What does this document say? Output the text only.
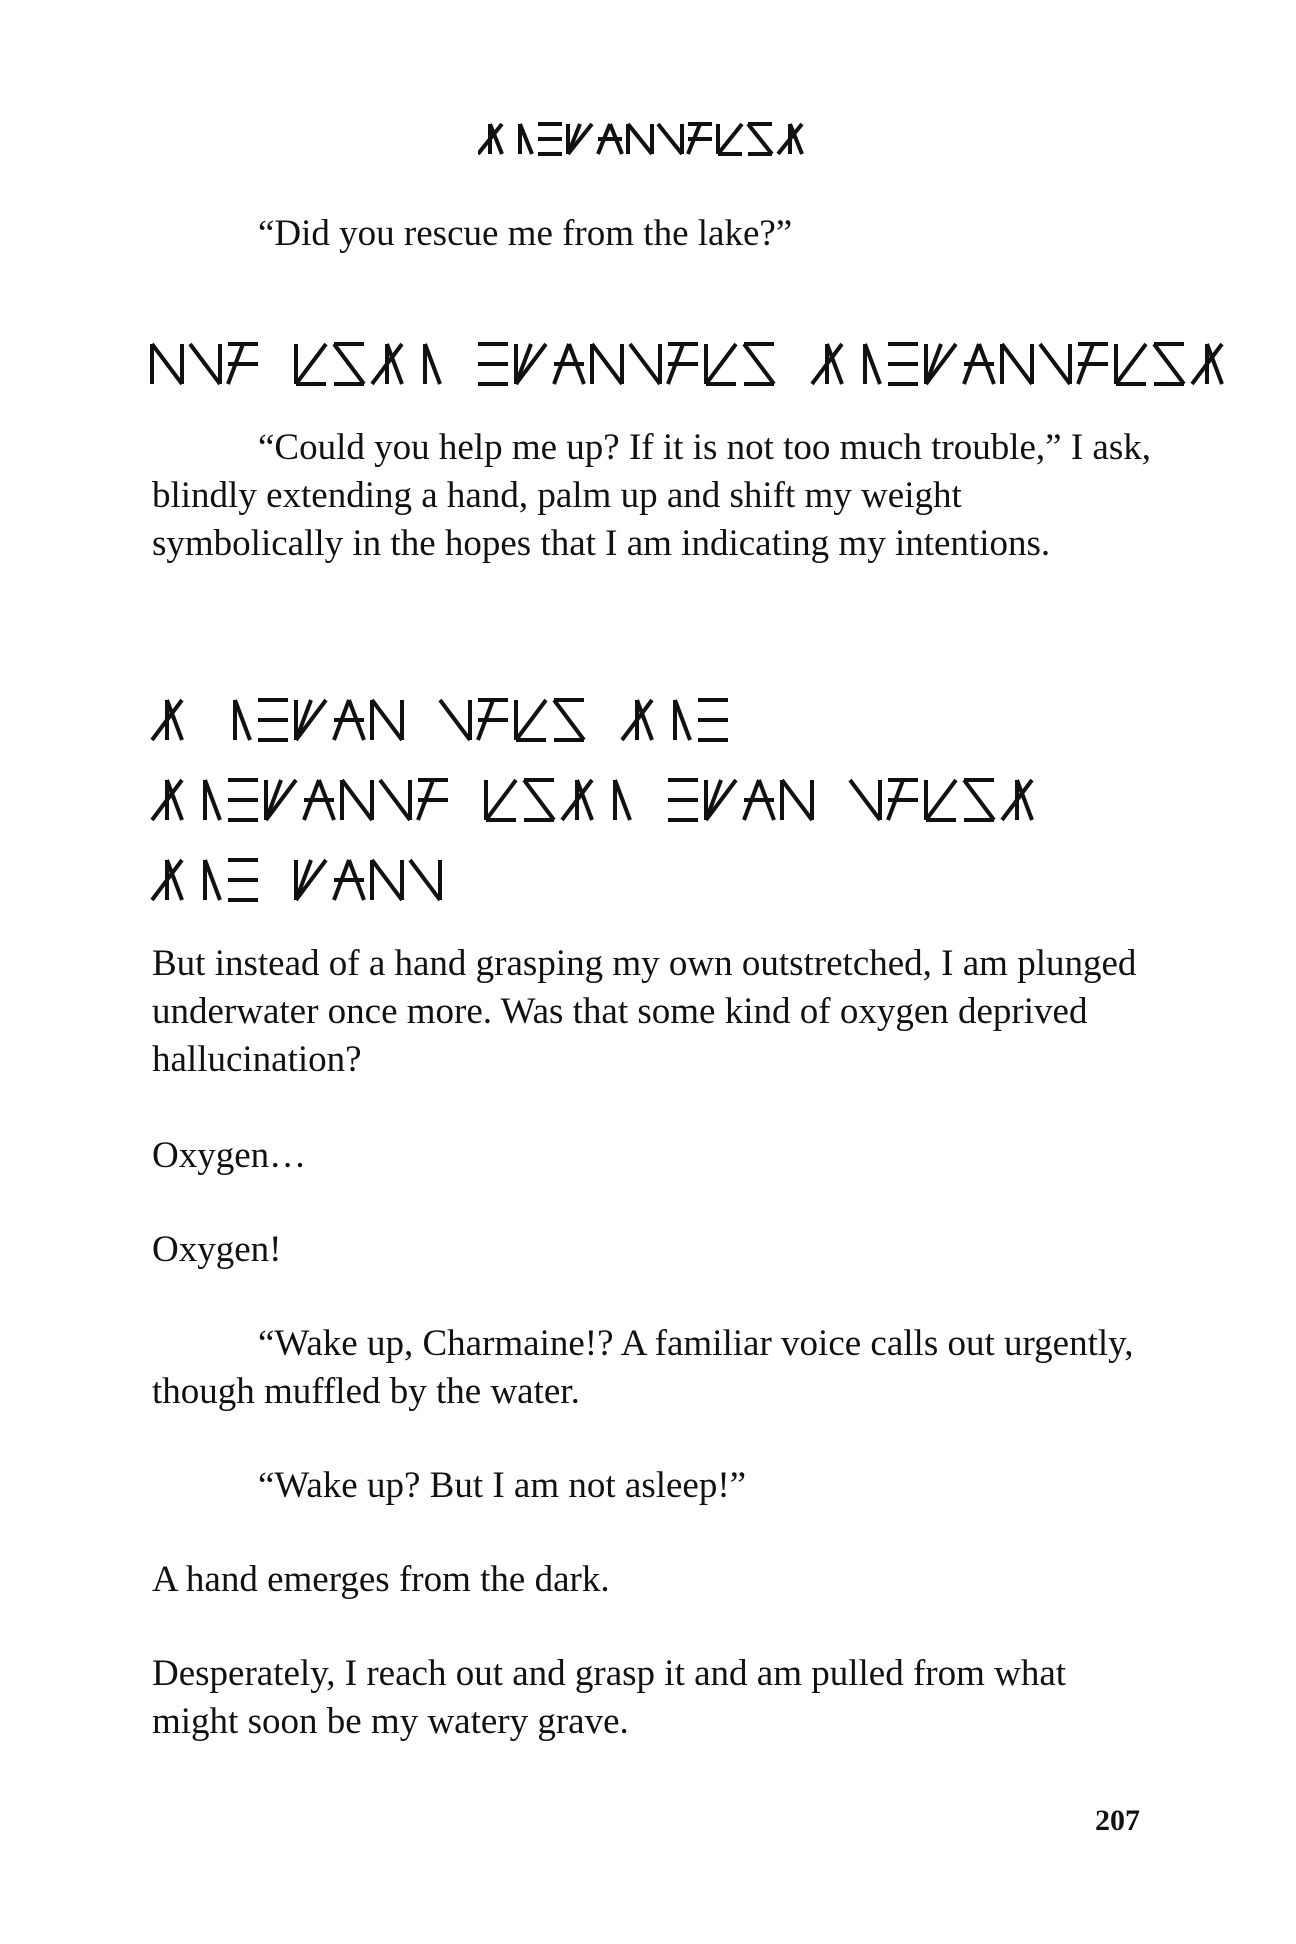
“Did you rescue me from the lake?”

“Could you help me up? If it is not too much trouble,” I ask, blindly extending a hand, palm up and shift my weight symbolically in the hopes that I am indicating my intentions.

But instead of a hand grasping my own outstretched, I am plunged underwater once more. Was that some kind of oxygen deprived hallucination?

Oxygen…

Oxygen!

“Wake up, Charmaine!? A familiar voice calls out urgently, though muffled by the water.

“Wake up? But I am not asleep!”

A hand emerges from the dark.

Desperately, I reach out and grasp it and am pulled from what might soon be my watery grave.

207
